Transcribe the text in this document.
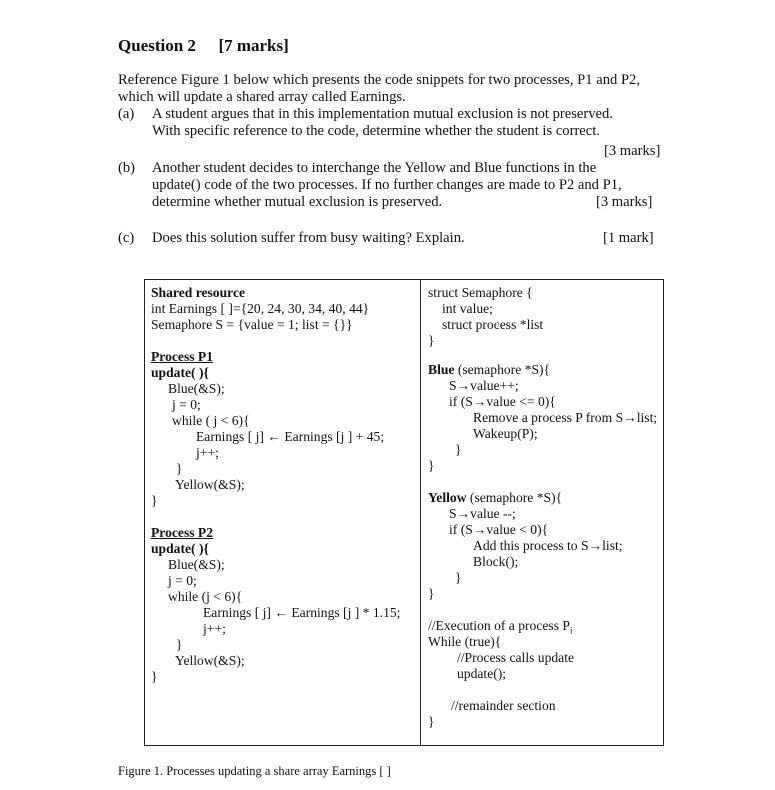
Question 2 [7 marks]
Reference Figure 1 below which presents the code snippets for two processes, P1 and P2,
which will update a shared array called Earnings.
(a) A student argues that in this implementation mutual exclusion is not preserved.
With specific reference to the code, determine whether the student is correct.
[3 marks]
(b) Another student decides to interchange the Yellow and Blue functions in the
update() code of the two processes. If no further changes are made to P2 and P1,
determine whether mutual exclusion is preserved.	[3 marks]
(c) Does this solution suffer from busy waiting? Explain.	[1 mark]
Shared resource
int Earnings [ ]={20, 24, 30, 34, 40, 44}
Semaphore S = {value = 1; list = {}}
Process P1
update( ){
Blue(&S);
j = 0;
while ( j < 6){
Earnings [ j] ← Earnings [j ] + 45;
j++;
}
Yellow(&S);
}
Process P2
update( ){
Blue(&S);
j = 0;
while (j < 6){
Earnings [ j] ← Earnings [j ] * 1.15;
j++;
}
Yellow(&S);
}
struct Semaphore {
int value;
struct process *list
}
Blue (semaphore *S){
S→value++;
if (S→value <= 0){
Remove a process P from S→list;
Wakeup(P);
}
}
Yellow (semaphore *S){
S→value --;
if (S→value < 0){
Add this process to S→list;
Block();
}
}
//Execution of a process $P_i$
While (true){
//Process calls update
update();
//remainder section
}
Figure 1. Processes updating a share array Earnings [ ]
